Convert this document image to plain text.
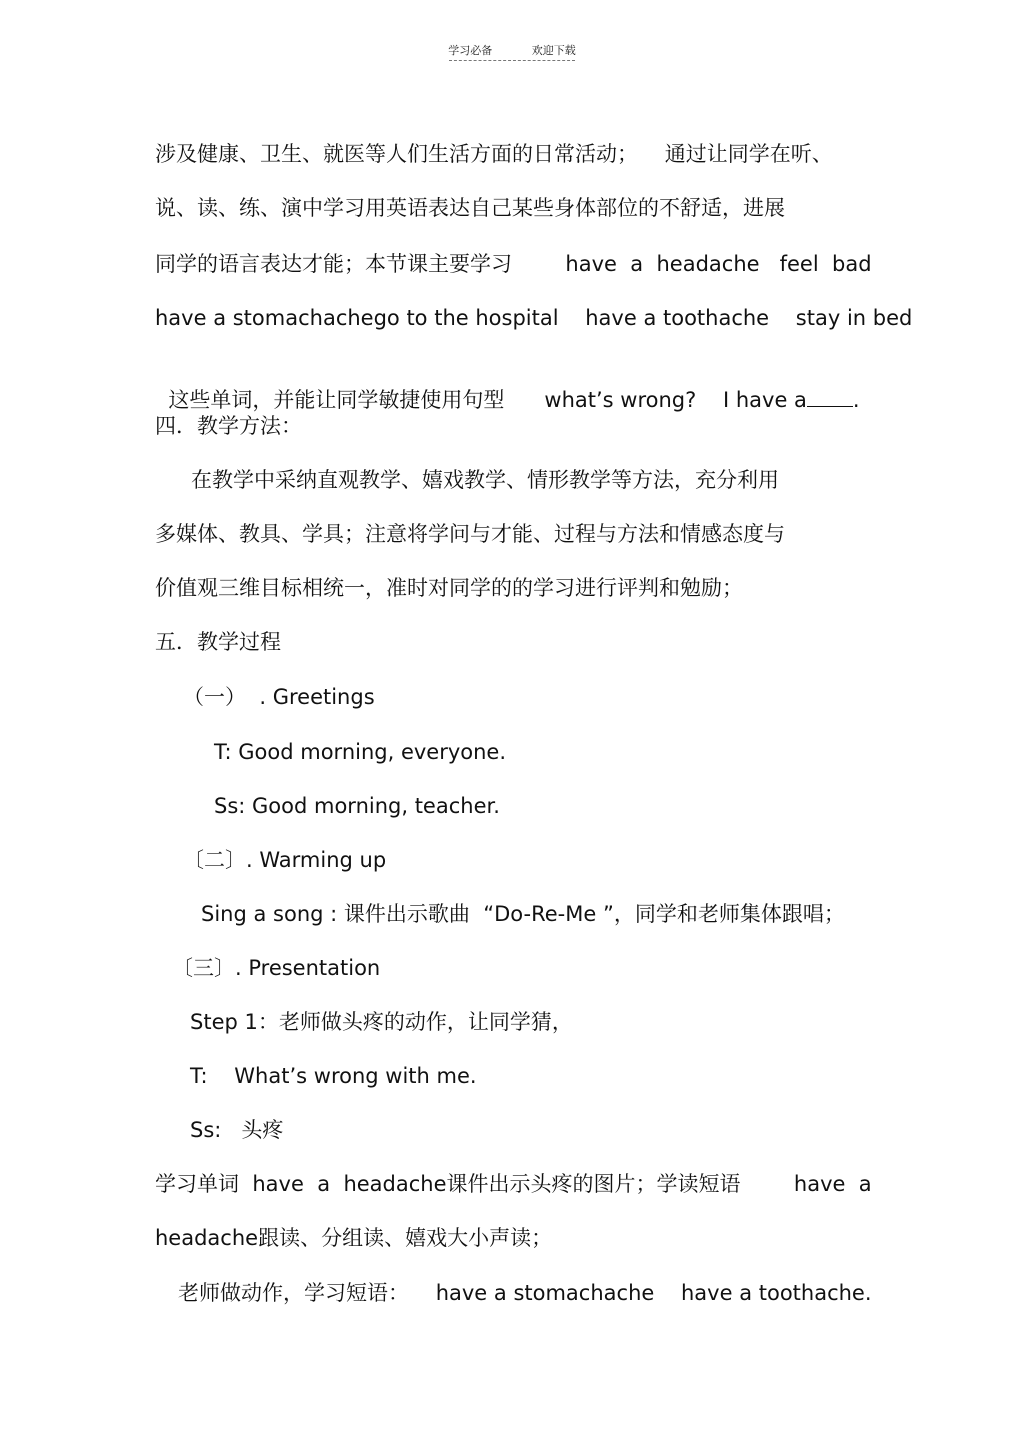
学习必备	欢迎下载
涉及健康、卫生、就医等人们生活方面的日常活动；    通过让同学在听、
说、读、练、演中学习用英语表达自己某些身体部位的不舒适，进展
同学的语言表达才能；本节课主要学习        have  a  headache   feel  bad
have a stomachachego to the hospital    have a toothache    stay in bed

这些单词，并能让同学敏捷使用句型      what’s wrong?    I have a .

四．教学方法：
在教学中采纳直观教学、嬉戏教学、情形教学等方法，充分利用
多媒体、教具、学具；注意将学问与才能、过程与方法和情感态度与
价值观三维目标相统一，准时对同学的的学习进行评判和勉励；
五．教学过程
（一）  . Greetings
T: Good morning, everyone.
Ss: Good morning, teacher.
〔二〕. Warming up
Sing a song : 课件出示歌曲  “Do-Re-Me ”，同学和老师集体跟唱；
〔三〕. Presentation
Step 1：老师做头疼的动作，让同学猜，
T:    What’s wrong with me.
Ss:   头疼
学习单词  have  a  headache课件出示头疼的图片；学读短语        have  a
headache跟读、分组读、嬉戏大小声读；
老师做动作，学习短语：    have a stomachache    have a toothache.
